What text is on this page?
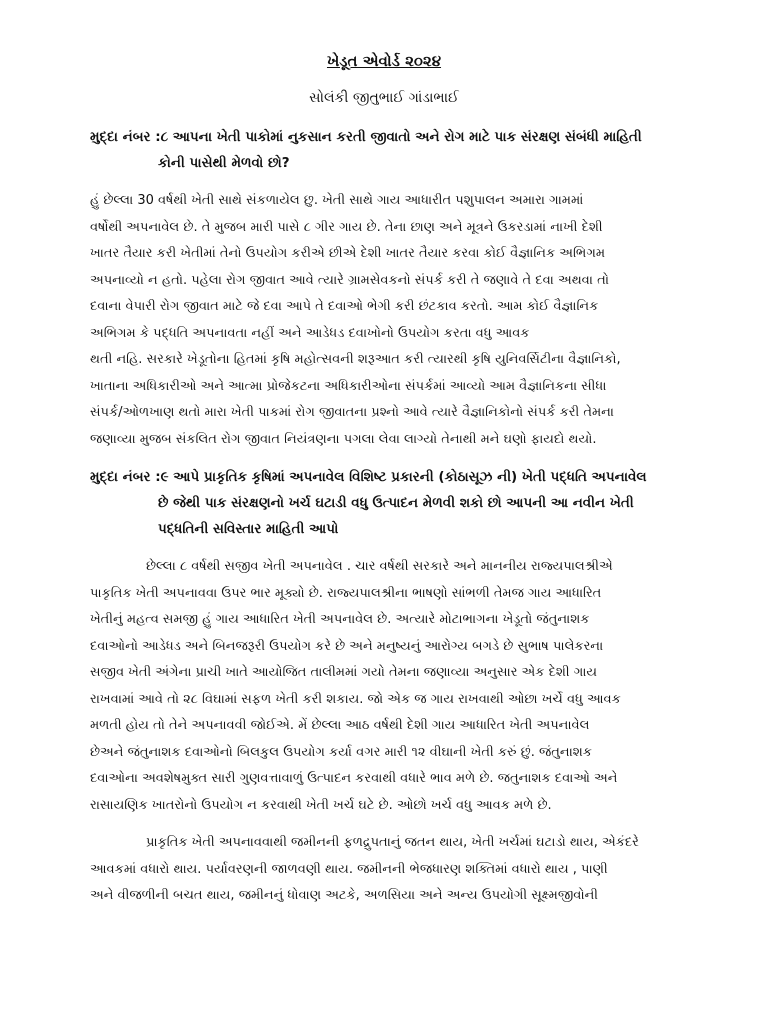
ખેડૂત એવોર્ડ ૨૦૨૪
સોલંકી જીતુભાઈ ગાંડાભાઈ
મુદ્દા નંબર :૮ આપના ખેતી પાકોમાં નુકસાન કરતી જીવાતો અને રોગ માટે પાક સંરક્ષણ સંબંધી માહિતી
કોની પાસેથી મેળવો છો?

હું છેલ્લા 30 વર્ષથી ખેતી સાથે સંકળાયેલ છુ. ખેતી સાથે ગાય આધારીત પશુપાલન અમારા ગામમાં

વર્ષોથી અપનાવેલ છે. તે મુજબ મારી પાસે ૮ ગીર ગાય છે. તેના છાણ અને મૂત્રને ઉકરડામાં નાખી દેશી

ખાતર તૈયાર કરી ખેતીમાં તેનો ઉપયોગ કરીએ છીએ દેશી ખાતર તૈયાર કરવા કોઈ વૈજ્ઞાનિક અભિગમ

અપનાવ્યો ન હતો. પહેલા રોગ જીવાત આવે ત્યારે ગ્રામસેવકનો સંપર્ક કરી તે જણાવે તે દવા અથવા તો

દવાના વેપારી રોગ જીવાત માટે જે દવા આપે તે દવાઓ ભેગી કરી છંટકાવ કરતો. આમ કોઈ વૈજ્ઞાનિક

અભિગમ કે પદ્ધતિ અપનાવતા નહીં અને આડેધડ દવાખોનો ઉપયોગ કરતા વધુ આવક

થતી નહિ. સરકારે ખેડૂતોના હિતમાં કૃષિ મહોત્સવની શરૂઆત કરી ત્યારથી કૃષિ યુનિવર્સિટીના વૈજ્ઞાનિકો,

ખાતાના અધિકારીઓ અને આત્મા પ્રોજેકટના અધિકારીઓના સંપર્કમાં આવ્યો આમ વૈજ્ઞાનિકના સીધા

સંપર્ક/ઓળખાણ થતો મારા ખેતી પાકમાં રોગ જીવાતના પ્રશ્નો આવે ત્યારે વૈજ્ઞાનિકોનો સંપર્ક કરી તેમના

જણાવ્યા મુજબ સંકલિત રોગ જીવાત નિયંત્રણના પગલા લેવા લાગ્યો તેનાથી મને ઘણો ફાયદો થયો.

મુદ્દા નંબર :૯ આપે પ્રાકૃતિક કૃષિમાં અપનાવેલ વિશિષ્ટ પ્રકારની (કોઠાસૂઝ ની) ખેતી પદ્ધતિ અપનાવેલ
છે જેથી પાક સંરક્ષણનો ખર્ચ ઘટાડી વધુ ઉત્પાદન મેળવી શકો છો આપની આ નવીન ખેતી
પદ્ધતિની સવિસ્તાર માહિતી આપો

છેલ્લા ૮ વર્ષથી સજીવ ખેતી અપનાવેલ . ચાર વર્ષથી સરકારે અને માનનીય રાજ્યપાલશ્રીએ

પાકૃતિક ખેતી અપનાવવા ઉપર ભાર મૂક્યો છે. રાજ્યપાલશ્રીના ભાષણો સાંભળી તેમજ ગાય આધારિત

ખેતીનું મહત્વ સમજી હું ગાય આધારિત ખેતી અપનાવેલ છે. અત્યારે મોટાભાગના ખેડૂતો જંતુનાશક

દવાઓનો આડેધડ અને બિનજરૂરી ઉપયોગ કરે છે અને મનુષ્યનું આરોગ્ય બગડે છે સુભાષ પાલેકરના

સજીવ ખેતી અંગેના પ્રાચી ખાતે આયોજિત તાલીમમાં ગયો તેમના જણાવ્યા અનુસાર એક દેશી ગાય

રાખવામાં આવે તો ૨૮ વિઘામાં સફળ ખેતી કરી શકાય. જો એક જ ગાય રાખવાથી ઓછા ખર્ચે વધુ આવક

મળતી હોય તો તેને અપનાવવી જોઈએ. મેં છેલ્લા આઠ વર્ષથી દેશી ગાય આધારિત ખેતી અપનાવેલ

છેઅને જંતુનાશક દવાઓનો બિલકુલ ઉપયોગ કર્યા વગર મારી ૧૨ વીઘાની ખેતી કરું છું. જંતુનાશક

દવાઓના અવશેષમુક્ત સારી ગુણવત્તાવાળું ઉત્પાદન કરવાથી વધારે ભાવ મળે છે. જતુનાશક દવાઓ અને

રાસાયણિક ખાતરોનો ઉપયોગ ન કરવાથી ખેતી ખર્ચ ઘટે છે. ઓછો ખર્ચ વધુ આવક મળે છે.

પ્રાકૃતિક ખેતી અપનાવવાથી જમીનની ફળદ્રુપતાનું જતન થાય, ખેતી ખર્ચમાં ઘટાડો થાય, એકંદરે

આવકમાં વધારો થાય. પર્યાવરણની જાળવણી થાય. જમીનની ભેજધારણ શક્તિમાં વધારો થાય , પાણી

અને વીજળીની બચત થાય, જમીનનું ધોવાણ અટકે, અળસિયા અને અન્ય ઉપયોગી સૂક્ષ્મજીવોની
